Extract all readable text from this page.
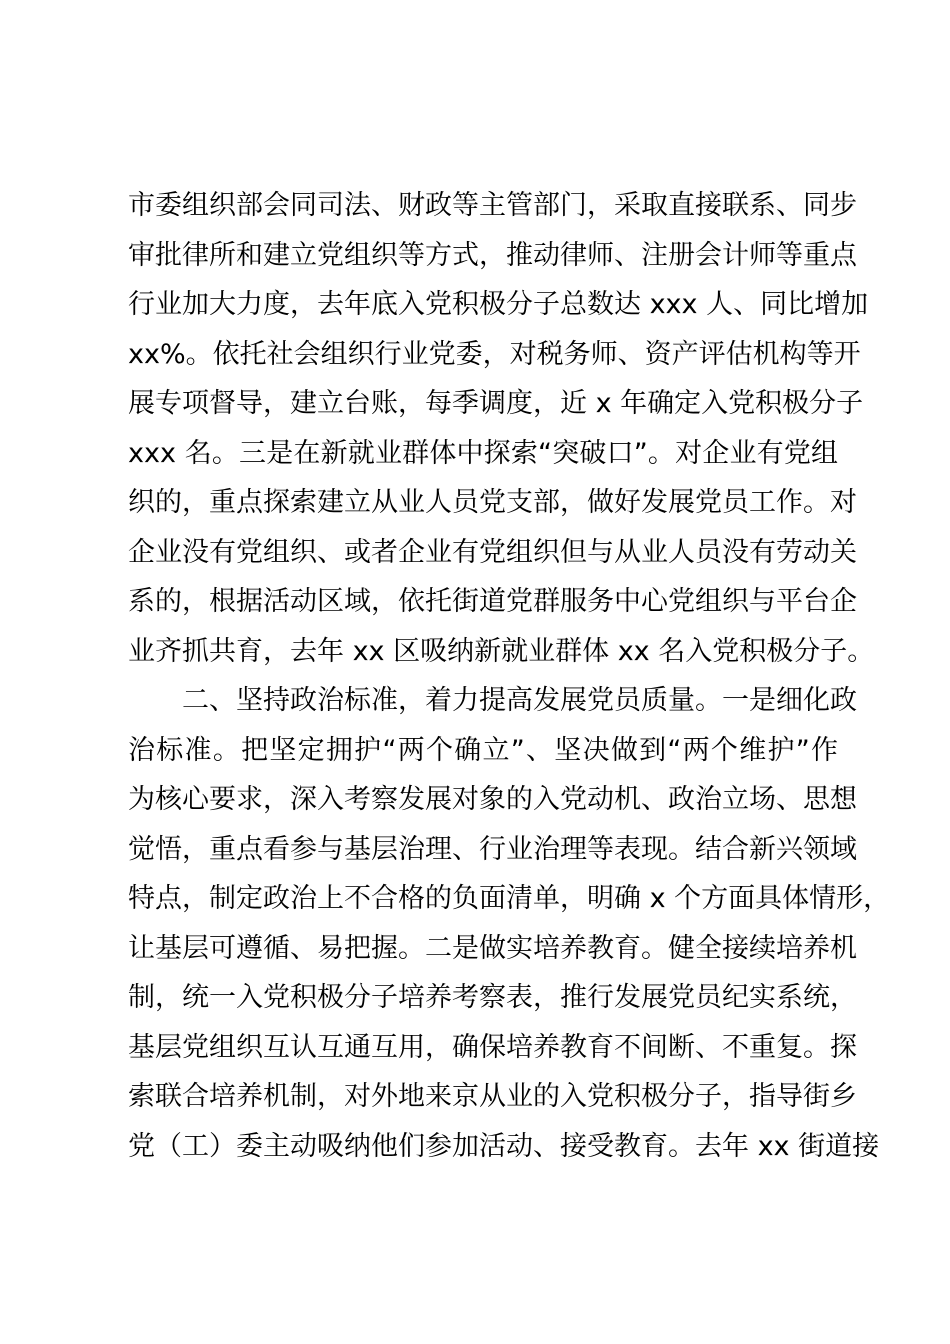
市委组织部会同司法、财政等主管部门，采取直接联系、同步
审批律所和建立党组织等方式，推动律师、注册会计师等重点
行业加大力度，去年底入党积极分子总数达 xxx 人、同比增加
xx%。依托社会组织行业党委，对税务师、资产评估机构等开
展专项督导，建立台账，每季调度，近 x 年确定入党积极分子
xxx 名。三是在新就业群体中探索“突破口”。对企业有党组
织的，重点探索建立从业人员党支部，做好发展党员工作。对
企业没有党组织、或者企业有党组织但与从业人员没有劳动关
系的，根据活动区域，依托街道党群服务中心党组织与平台企
业齐抓共育，去年 xx 区吸纳新就业群体 xx 名入党积极分子。
二、坚持政治标准，着力提高发展党员质量。一是细化政
治标准。把坚定拥护“两个确立”、坚决做到“两个维护”作
为核心要求，深入考察发展对象的入党动机、政治立场、思想
觉悟，重点看参与基层治理、行业治理等表现。结合新兴领域
特点，制定政治上不合格的负面清单，明确 x 个方面具体情形，
让基层可遵循、易把握。二是做实培养教育。健全接续培养机
制，统一入党积极分子培养考察表，推行发展党员纪实系统，
基层党组织互认互通互用，确保培养教育不间断、不重复。探
索联合培养机制，对外地来京从业的入党积极分子，指导街乡
党（工）委主动吸纳他们参加活动、接受教育。去年 xx 街道接
